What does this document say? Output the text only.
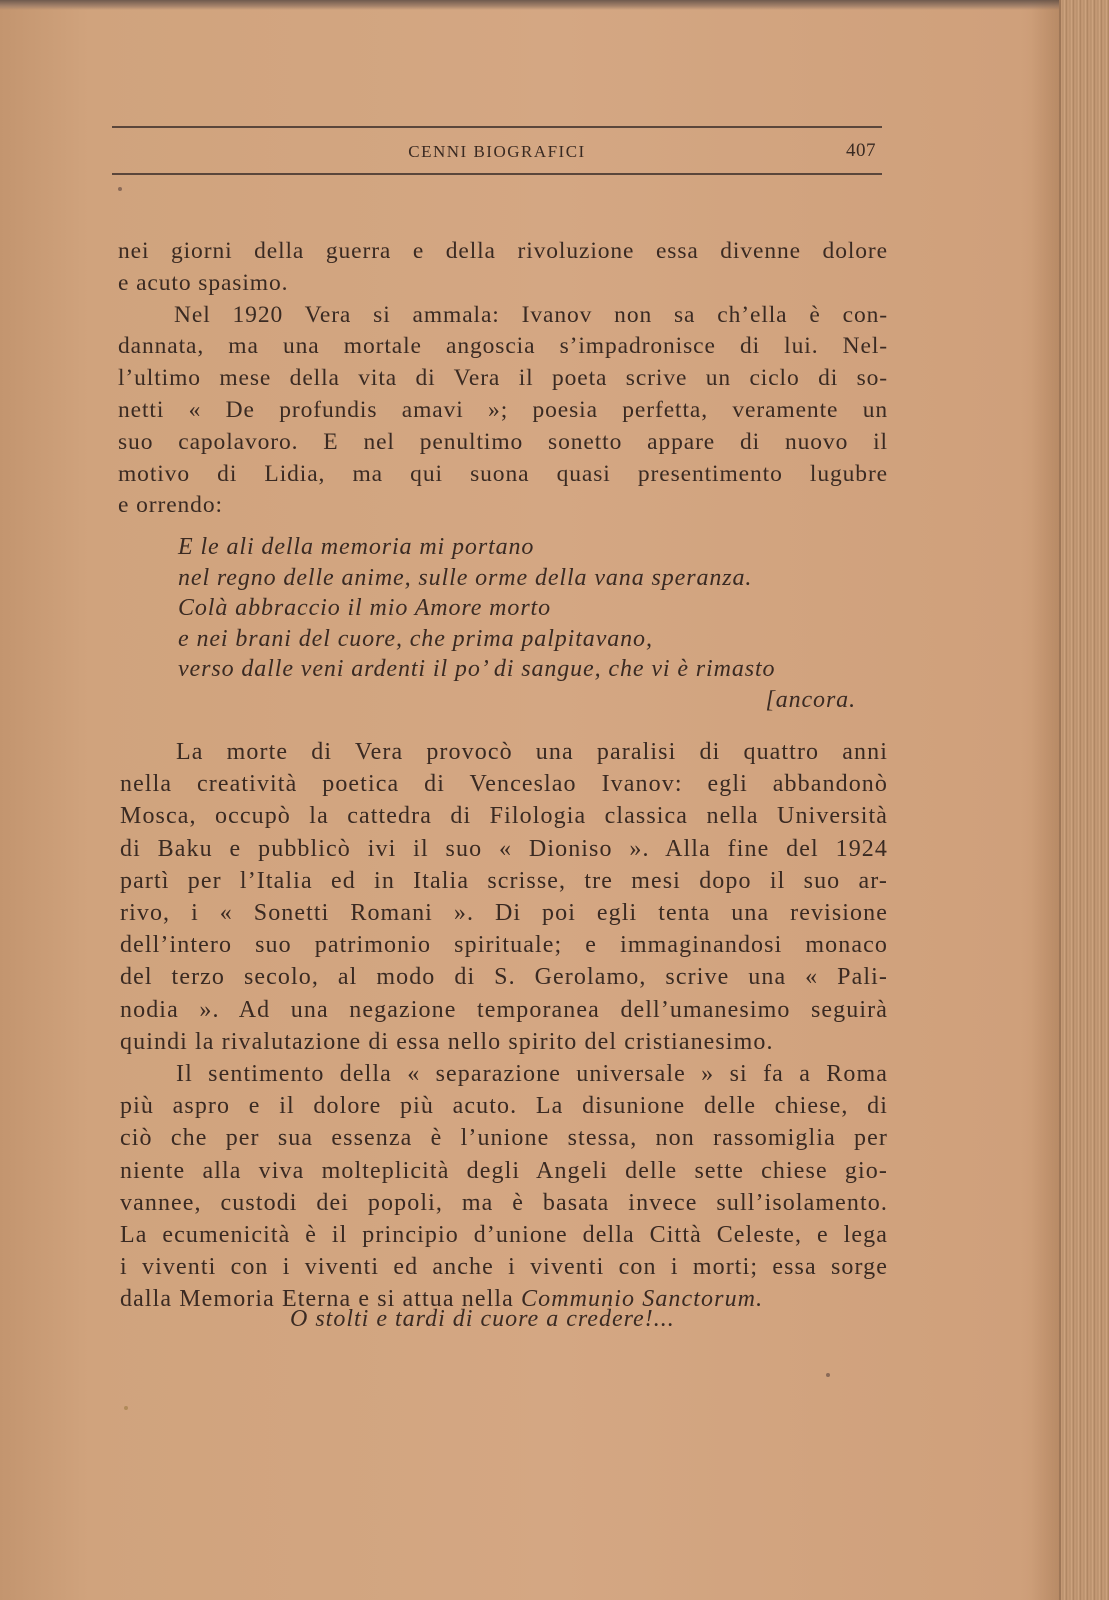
CENNI BIOGRAFICI	407
nei giorni della guerra e della rivoluzione essa divenne dolore
e acuto spasimo.
Nel 1920 Vera si ammala: Ivanov non sa ch’ella è con-
dannata, ma una mortale angoscia s’impadronisce di lui. Nel-
l’ultimo mese della vita di Vera il poeta scrive un ciclo di so-
netti « De profundis amavi »; poesia perfetta, veramente un
suo capolavoro. E nel penultimo sonetto appare di nuovo il
motivo di Lidia, ma qui suona quasi presentimento lugubre
e orrendo:
E le ali della memoria mi portano
nel regno delle anime, sulle orme della vana speranza.
Colà abbraccio il mio Amore morto
e nei brani del cuore, che prima palpitavano,
verso dalle veni ardenti il po’ di sangue, che vi è rimasto
[ancora.
La morte di Vera provocò una paralisi di quattro anni
nella creatività poetica di Venceslao Ivanov: egli abbandonò
Mosca, occupò la cattedra di Filologia classica nella Università
di Baku e pubblicò ivi il suo « Dioniso ». Alla fine del 1924
partì per l’Italia ed in Italia scrisse, tre mesi dopo il suo ar-
rivo, i « Sonetti Romani ». Di poi egli tenta una revisione
dell’intero suo patrimonio spirituale; e immaginandosi monaco
del terzo secolo, al modo di S. Gerolamo, scrive una « Pali-
nodia ». Ad una negazione temporanea dell’umanesimo seguirà
quindi la rivalutazione di essa nello spirito del cristianesimo.
Il sentimento della « separazione universale » si fa a Roma
più aspro e il dolore più acuto. La disunione delle chiese, di
ciò che per sua essenza è l’unione stessa, non rassomiglia per
niente alla viva molteplicità degli Angeli delle sette chiese gio-
vannee, custodi dei popoli, ma è basata invece sull’isolamento.
La ecumenicità è il principio d’unione della Città Celeste, e lega
i viventi con i viventi ed anche i viventi con i morti; essa sorge
dalla Memoria Eterna e si attua nella Communio Sanctorum.
O stolti e tardi di cuore a credere!...
